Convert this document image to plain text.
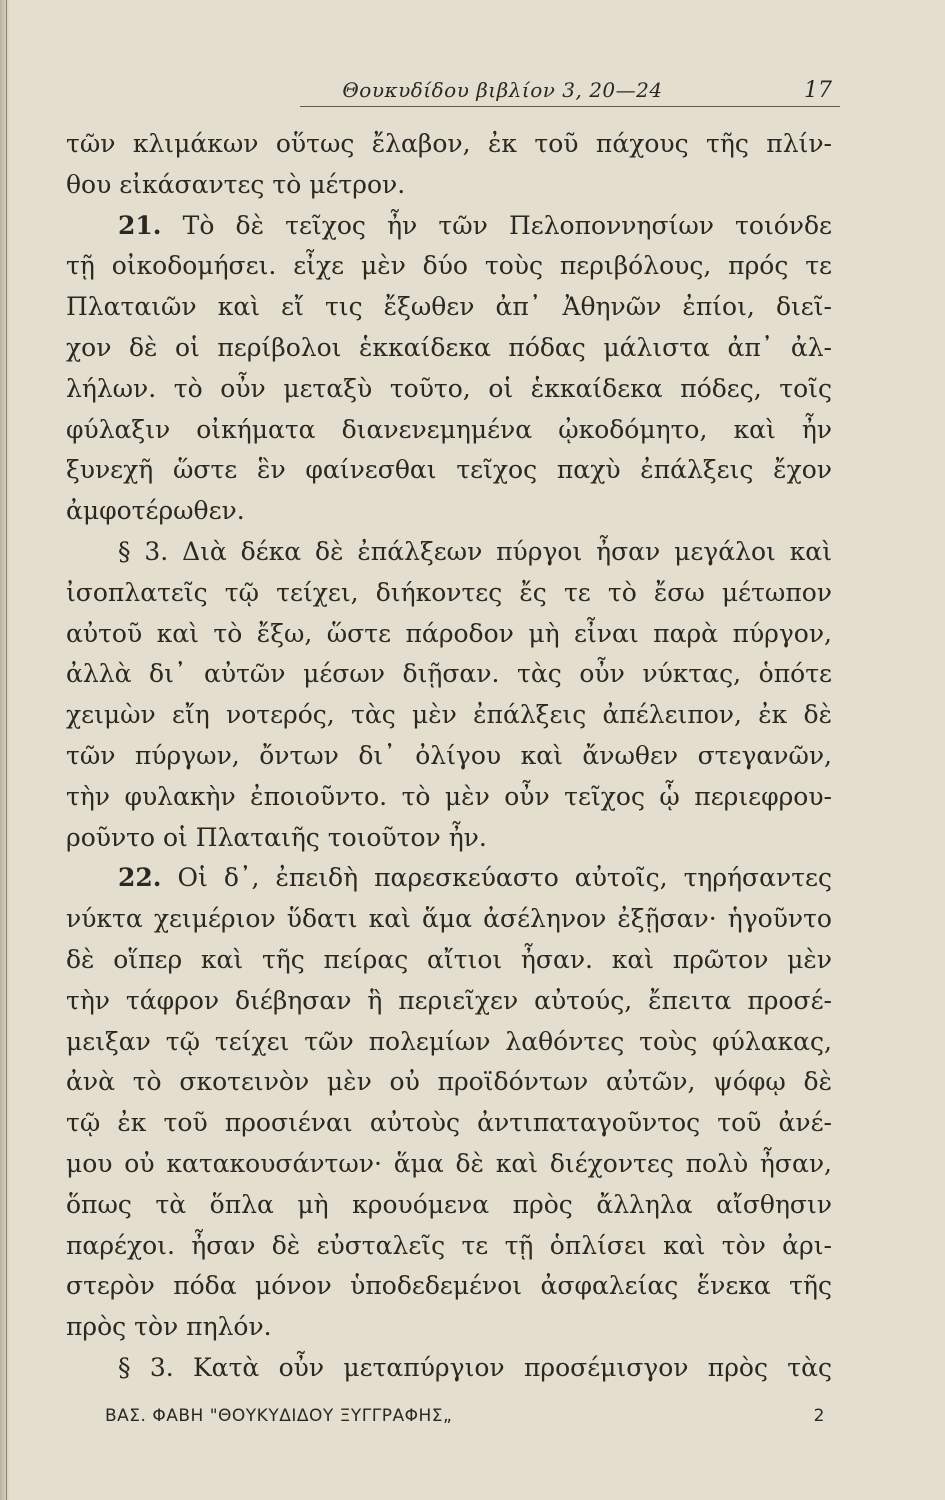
Θουκυδίδου βιβλίον 3, 20—24	17
τῶν κλιμάκων οὕτως ἔλαβον, ἐκ τοῦ πάχους τῆς πλίν-
θου εἰκάσαντες τὸ μέτρον.
21. Τὸ δὲ τεῖχος ἦν τῶν Πελοποννησίων τοιόνδε
τῇ οἰκοδομήσει. εἶχε μὲν δύο τοὺς περιβόλους, πρός τε
Πλαταιῶν καὶ εἴ τις ἔξωθεν ἀπ᾽ Ἀθηνῶν ἐπίοι, διεῖ-
χον δὲ οἱ περίβολοι ἑκκαίδεκα πόδας μάλιστα ἀπ᾽ ἀλ-
λήλων. τὸ οὖν μεταξὺ τοῦτο, οἱ ἑκκαίδεκα πόδες, τοῖς
φύλαξιν οἰκήματα διανενεμημένα ᾠκοδόμητο, καὶ ἦν
ξυνεχῆ ὥστε ἓν φαίνεσθαι τεῖχος παχὺ ἐπάλξεις ἔχον
ἀμφοτέρωθεν.
§ 3. Διὰ δέκα δὲ ἐπάλξεων πύργοι ἦσαν μεγάλοι καὶ
ἰσοπλατεῖς τῷ τείχει, διήκοντες ἔς τε τὸ ἔσω μέτωπον
αὐτοῦ καὶ τὸ ἔξω, ὥστε πάροδον μὴ εἶναι παρὰ πύργον,
ἀλλὰ δι᾽ αὐτῶν μέσων διῇσαν. τὰς οὖν νύκτας, ὁπότε
χειμὼν εἴη νοτερός, τὰς μὲν ἐπάλξεις ἀπέλειπον, ἐκ δὲ
τῶν πύργων, ὄντων δι᾽ ὀλίγου καὶ ἄνωθεν στεγανῶν,
τὴν φυλακὴν ἐποιοῦντο. τὸ μὲν οὖν τεῖχος ᾧ περιεφρου-
ροῦντο οἱ Πλαταιῆς τοιοῦτον ἦν.
22. Οἱ δ᾽, ἐπειδὴ παρεσκεύαστο αὐτοῖς, τηρήσαντες
νύκτα χειμέριον ὕδατι καὶ ἅμα ἀσέληνον ἐξῇσαν· ἡγοῦντο
δὲ οἵπερ καὶ τῆς πείρας αἴτιοι ἦσαν. καὶ πρῶτον μὲν
τὴν τάφρον διέβησαν ἣ περιεῖχεν αὐτούς, ἔπειτα προσέ-
μειξαν τῷ τείχει τῶν πολεμίων λαθόντες τοὺς φύλακας,
ἀνὰ τὸ σκοτεινὸν μὲν οὐ προϊδόντων αὐτῶν, ψόφῳ δὲ
τῷ ἐκ τοῦ προσιέναι αὐτοὺς ἀντιπαταγοῦντος τοῦ ἀνέ-
μου οὐ κατακουσάντων· ἅμα δὲ καὶ διέχοντες πολὺ ἦσαν,
ὅπως τὰ ὅπλα μὴ κρουόμενα πρὸς ἄλληλα αἴσθησιν
παρέχοι. ἦσαν δὲ εὐσταλεῖς τε τῇ ὁπλίσει καὶ τὸν ἀρι-
στερὸν πόδα μόνον ὑποδεδεμένοι ἀσφαλείας ἕνεκα τῆς
πρὸς τὸν πηλόν.
§ 3. Κατὰ οὖν μεταπύργιον προσέμισγον πρὸς τὰς
ΒΑΣ. ΦΑΒΗ "ΘΟΥΚΥΔΙΔΟΥ ΞΥΓΓΡΑΦΗΣ„	2
